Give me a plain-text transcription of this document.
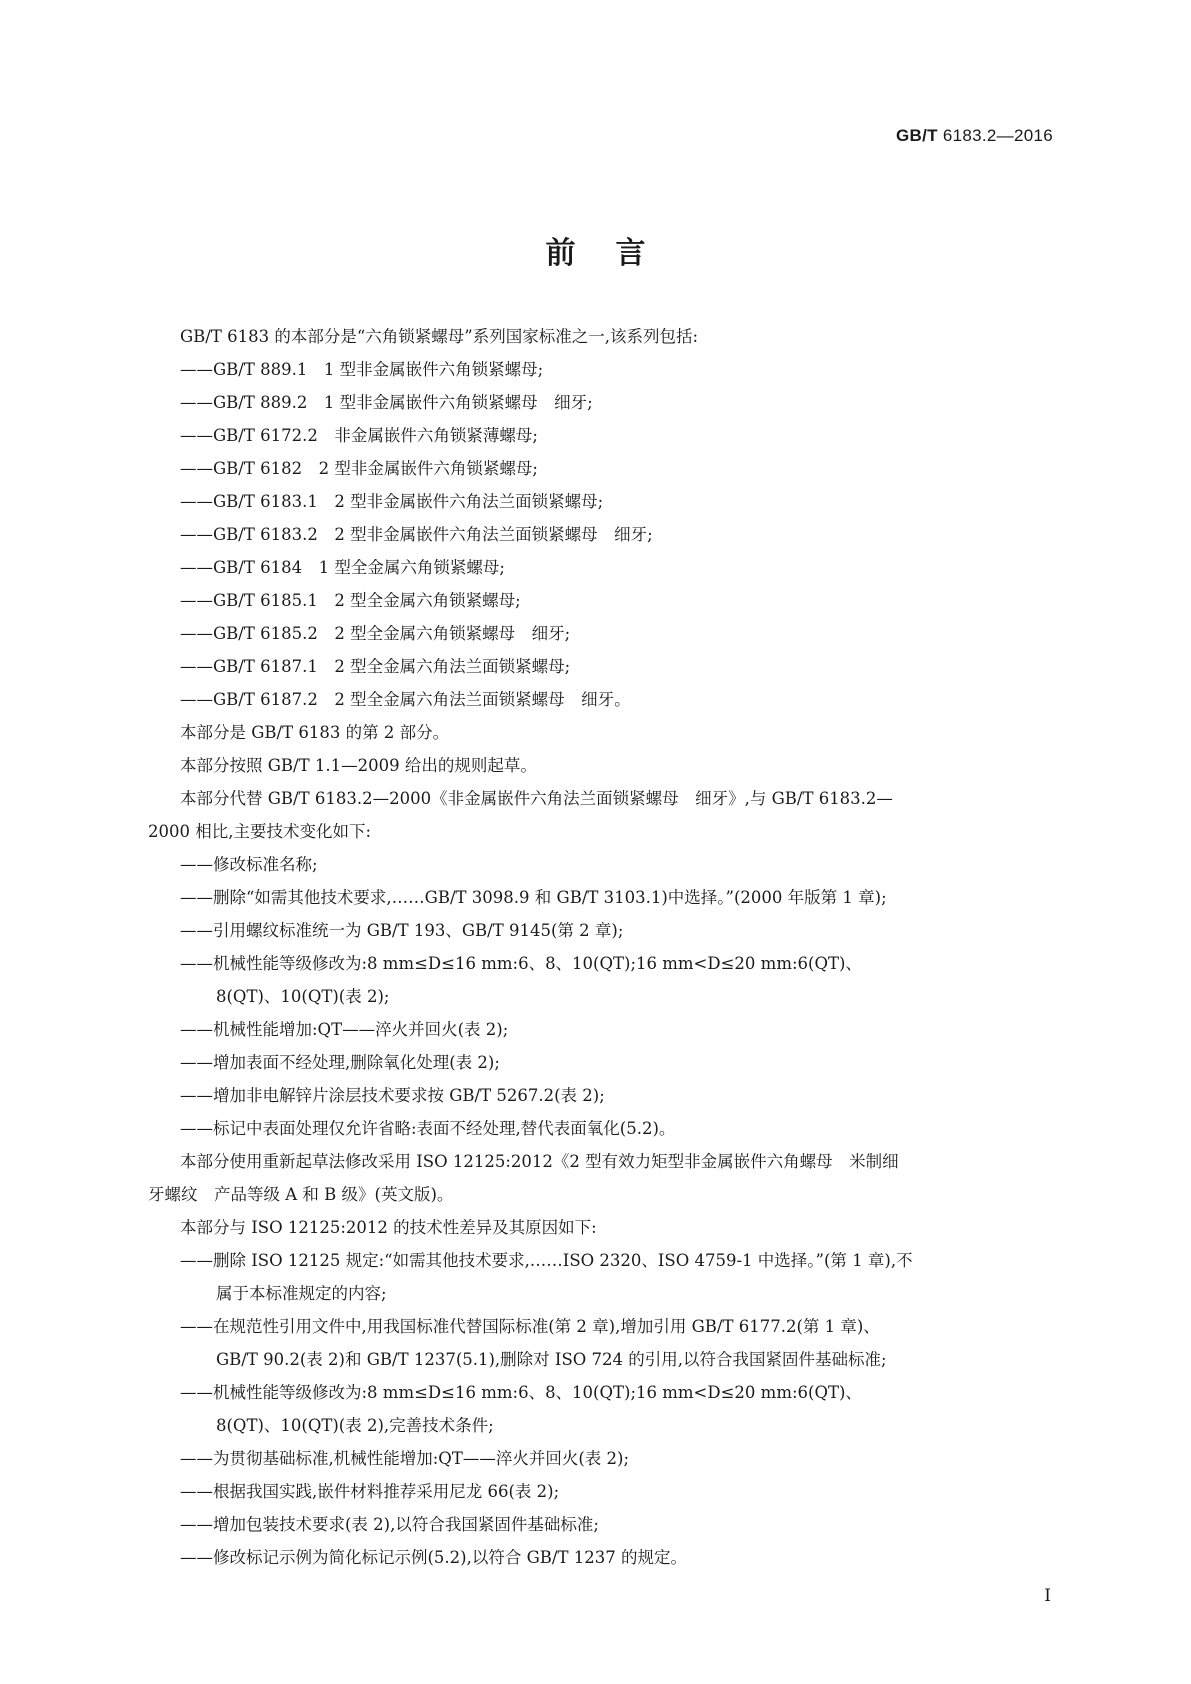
GB/T 6183.2—2016
前言
GB/T 6183 的本部分是“六角锁紧螺母”系列国家标准之一,该系列包括:
——GB/T 889.1　1 型非金属嵌件六角锁紧螺母;
——GB/T 889.2　1 型非金属嵌件六角锁紧螺母　细牙;
——GB/T 6172.2　非金属嵌件六角锁紧薄螺母;
——GB/T 6182　2 型非金属嵌件六角锁紧螺母;
——GB/T 6183.1　2 型非金属嵌件六角法兰面锁紧螺母;
——GB/T 6183.2　2 型非金属嵌件六角法兰面锁紧螺母　细牙;
——GB/T 6184　1 型全金属六角锁紧螺母;
——GB/T 6185.1　2 型全金属六角锁紧螺母;
——GB/T 6185.2　2 型全金属六角锁紧螺母　细牙;
——GB/T 6187.1　2 型全金属六角法兰面锁紧螺母;
——GB/T 6187.2　2 型全金属六角法兰面锁紧螺母　细牙。
本部分是 GB/T 6183 的第 2 部分。
本部分按照 GB/T 1.1—2009 给出的规则起草。
本部分代替 GB/T 6183.2—2000《非金属嵌件六角法兰面锁紧螺母　细牙》,与 GB/T 6183.2—
2000 相比,主要技术变化如下:
——修改标准名称;
——删除“如需其他技术要求,……GB/T 3098.9 和 GB/T 3103.1)中选择。”(2000 年版第 1 章);
——引用螺纹标准统一为 GB/T 193、GB/T 9145(第 2 章);
——机械性能等级修改为:8 mm≤D≤16 mm:6、8、10(QT);16 mm<D≤20 mm:6(QT)、
8(QT)、10(QT)(表 2);
——机械性能增加:QT——淬火并回火(表 2);
——增加表面不经处理,删除氧化处理(表 2);
——增加非电解锌片涂层技术要求按 GB/T 5267.2(表 2);
——标记中表面处理仅允许省略:表面不经处理,替代表面氧化(5.2)。
本部分使用重新起草法修改采用 ISO 12125:2012《2 型有效力矩型非金属嵌件六角螺母　米制细
牙螺纹　产品等级 A 和 B 级》(英文版)。
本部分与 ISO 12125:2012 的技术性差异及其原因如下:
——删除 ISO 12125 规定:“如需其他技术要求,……ISO 2320、ISO 4759-1 中选择。”(第 1 章),不
属于本标准规定的内容;
——在规范性引用文件中,用我国标准代替国际标准(第 2 章),增加引用 GB/T 6177.2(第 1 章)、
GB/T 90.2(表 2)和 GB/T 1237(5.1),删除对 ISO 724 的引用,以符合我国紧固件基础标准;
——机械性能等级修改为:8 mm≤D≤16 mm:6、8、10(QT);16 mm<D≤20 mm:6(QT)、
8(QT)、10(QT)(表 2),完善技术条件;
——为贯彻基础标准,机械性能增加:QT——淬火并回火(表 2);
——根据我国实践,嵌件材料推荐采用尼龙 66(表 2);
——增加包装技术要求(表 2),以符合我国紧固件基础标准;
——修改标记示例为简化标记示例(5.2),以符合 GB/T 1237 的规定。
I
